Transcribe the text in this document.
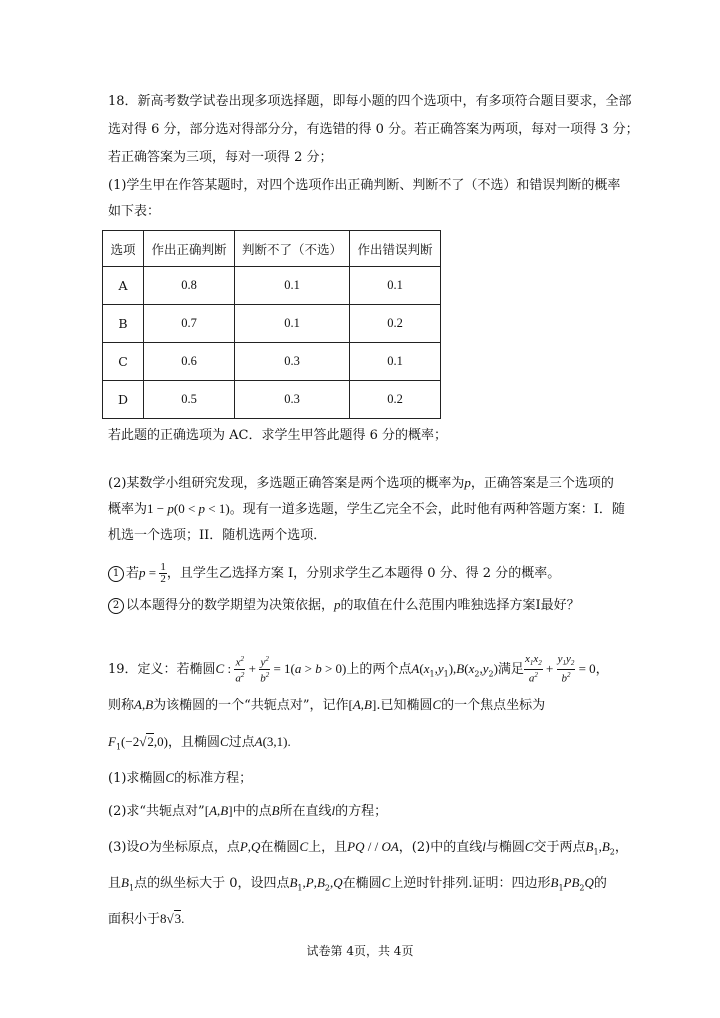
18．新高考数学试卷出现多项选择题，即每小题的四个选项中，有多项符合题目要求，全部
选对得 6 分，部分选对得部分分，有选错的得 0 分。若正确答案为两项，每对一项得 3 分；
若正确答案为三项，每对一项得 2 分；
(1)学生甲在作答某题时，对四个选项作出正确判断、判断不了（不选）和错误判断的概率
如下表：
选项	作出正确判断	判断不了（不选）	作出错误判断
A	0.8	0.1	0.1
B	0.7	0.1	0.2
C	0.6	0.3	0.1
D	0.5	0.3	0.2
若此题的正确选项为 AC．求学生甲答此题得 6 分的概率；
(2)某数学小组研究发现，多选题正确答案是两个选项的概率为p，正确答案是三个选项的
概率为1 − p(0 < p < 1)。现有一道多选题，学生乙完全不会，此时他有两种答题方案：I．随
机选一个选项；II．随机选两个选项．
1 若$p = \frac{1}{2}$ ，且学生乙选择方案 I，分别求学生乙本题得 0 分、得 2 分的概率。
2 以本题得分的数学期望为决策依据，p的取值在什么范围内唯独选择方案I最好？
19．定义：若椭圆C : $\frac{x^2}{a^2} + \frac{y^2}{b^2} = 1(a > b > 0)$上的两个点$A(x_1,y_1),B(x_2,y_2)$满足 $\frac{x_1x_2}{a^2} + \frac{y_1y_2}{b^2} = 0$，
则称A,B为该椭圆的一个“共轭点对”，记作[A,B].已知椭圆C的一个焦点坐标为
$F_1(-2√2,0)$，且椭圆C过点A(3,1).
(1)求椭圆C的标准方程；
(2)求“共轭点对”[A,B]中的点B所在直线l的方程；
(3)设O为坐标原点，点P,Q在椭圆C上，且PQ / / OA，(2)中的直线l与椭圆C交于两点$B_1,B_2$，
且$B_1$点的纵坐标大于 0，设四点$B_1,P,B_2,Q$在椭圆C上逆时针排列.证明：四边形$B_1PB_2Q$的
面积小于8√3.
试卷第 4页，共 4页
